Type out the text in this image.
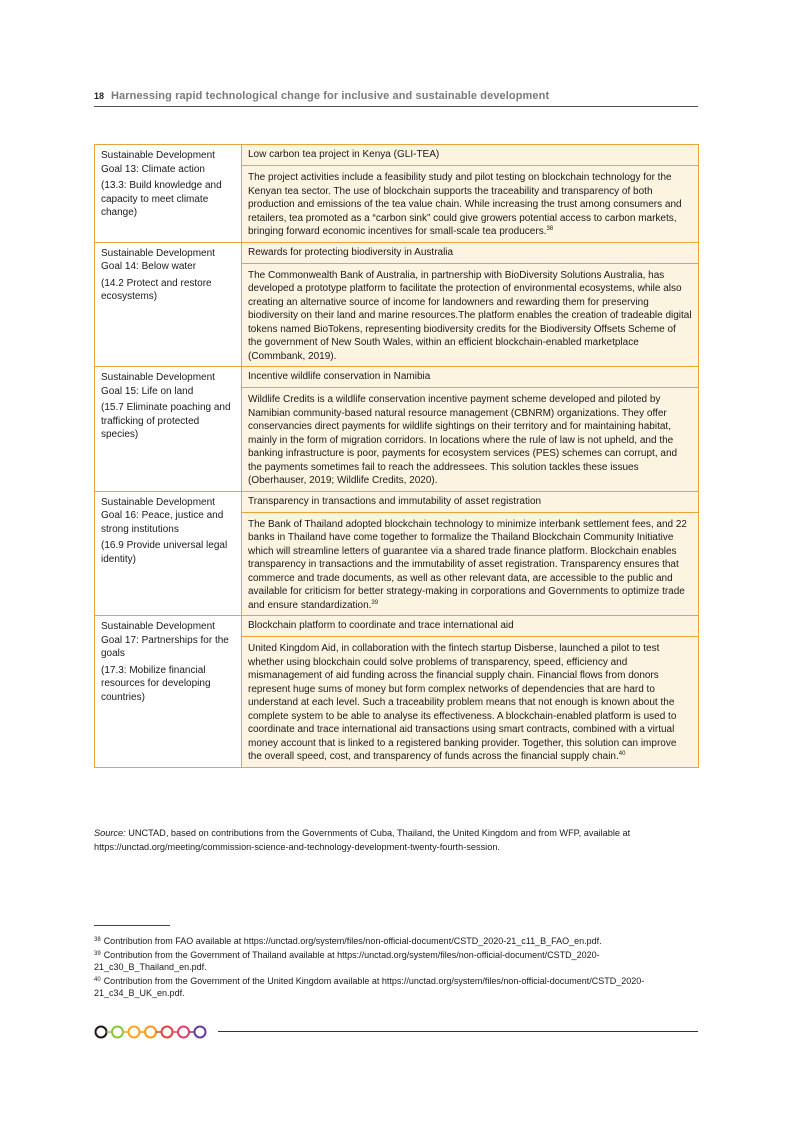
18 Harnessing rapid technological change for inclusive and sustainable development
Sustainable Development Goal 13: Climate action
(13.3: Build knowledge and capacity to meet climate change)	Low carbon tea project in Kenya (GLI-TEA)
	The project activities include a feasibility study and pilot testing on blockchain technology for the Kenyan tea sector. The use of blockchain supports the traceability and transparency of both production and emissions of the tea value chain. While increasing the trust among consumers and retailers, tea promoted as a “carbon sink” could give growers potential access to carbon markets, bringing forward economic incentives for small-scale tea producers.$^{38}$

Sustainable Development Goal 14: Below water
(14.2 Protect and restore ecosystems)	Rewards for protecting biodiversity in Australia
	The Commonwealth Bank of Australia, in partnership with BioDiversity Solutions Australia, has developed a prototype platform to facilitate the protection of environmental ecosystems, while also creating an alternative source of income for landowners and rewarding them for preserving biodiversity on their land and marine resources.The platform enables the creation of tradeable digital tokens named BioTokens, representing biodiversity credits for the Biodiversity Offsets Scheme of the government of New South Wales, within an efficient blockchain-enabled marketplace (Commbank, 2019).

Sustainable Development Goal 15: Life on land
(15.7 Eliminate poaching and trafficking of protected species)	Incentive wildlife conservation in Namibia
	Wildlife Credits is a wildlife conservation incentive payment scheme developed and piloted by Namibian community-based natural resource management (CBNRM) organizations. They offer conservancies direct payments for wildlife sightings on their territory and for maintaining habitat, mainly in the form of migration corridors. In locations where the rule of law is not upheld, and the banking infrastructure is poor, payments for ecosystem services (PES) schemes can corrupt, and the payments sometimes fail to reach the addressees. This solution tackles these issues (Oberhauser, 2019; Wildlife Credits, 2020).

Sustainable Development Goal 16: Peace, justice and strong institutions
(16.9 Provide universal legal identity)	Transparency in transactions and immutability of asset registration
	The Bank of Thailand adopted blockchain technology to minimize interbank settlement fees, and 22 banks in Thailand have come together to formalize the Thailand Blockchain Community Initiative which will streamline letters of guarantee via a shared trade finance platform. Blockchain enables transparency in transactions and the immutability of asset registration. Transparency ensures that commerce and trade documents, as well as other relevant data, are accessible to the public and available for criticism for better strategy-making in corporations and Governments to optimize trade and ensure standardization.$^{39}$

Sustainable Development Goal 17: Partnerships for the goals
(17.3: Mobilize financial resources for developing countries)	Blockchain platform to coordinate and trace international aid
	United Kingdom Aid, in collaboration with the fintech startup Disberse, launched a pilot to test whether using blockchain could solve problems of transparency, speed, efficiency and mismanagement of aid funding across the financial supply chain. Financial flows from donors represent huge sums of money but form complex networks of dependencies that are hard to understand at each level. Such a traceability problem means that not enough is known about the complete system to be able to analyse its effectiveness. A blockchain-enabled platform is used to coordinate and trace international aid transactions using smart contracts, combined with a virtual money account that is linked to a registered banking provider. Together, this solution can improve the overall speed, cost, and transparency of funds across the financial supply chain.$^{40}$
Source: UNCTAD, based on contributions from the Governments of Cuba, Thailand, the United Kingdom and from WFP, available at https://unctad.org/meeting/commission-science-and-technology-development-twenty-fourth-session.
$^{38}$ Contribution from FAO available at https://unctad.org/system/files/non-official-document/CSTD_2020-21_c11_B_FAO_en.pdf.
$^{39}$ Contribution from the Government of Thailand available at https://unctad.org/system/files/non-official-document/CSTD_2020-21_c30_B_Thailand_en.pdf.
$^{40}$ Contribution from the Government of the United Kingdom available at https://unctad.org/system/files/non-official-document/CSTD_2020-21_c34_B_UK_en.pdf.
